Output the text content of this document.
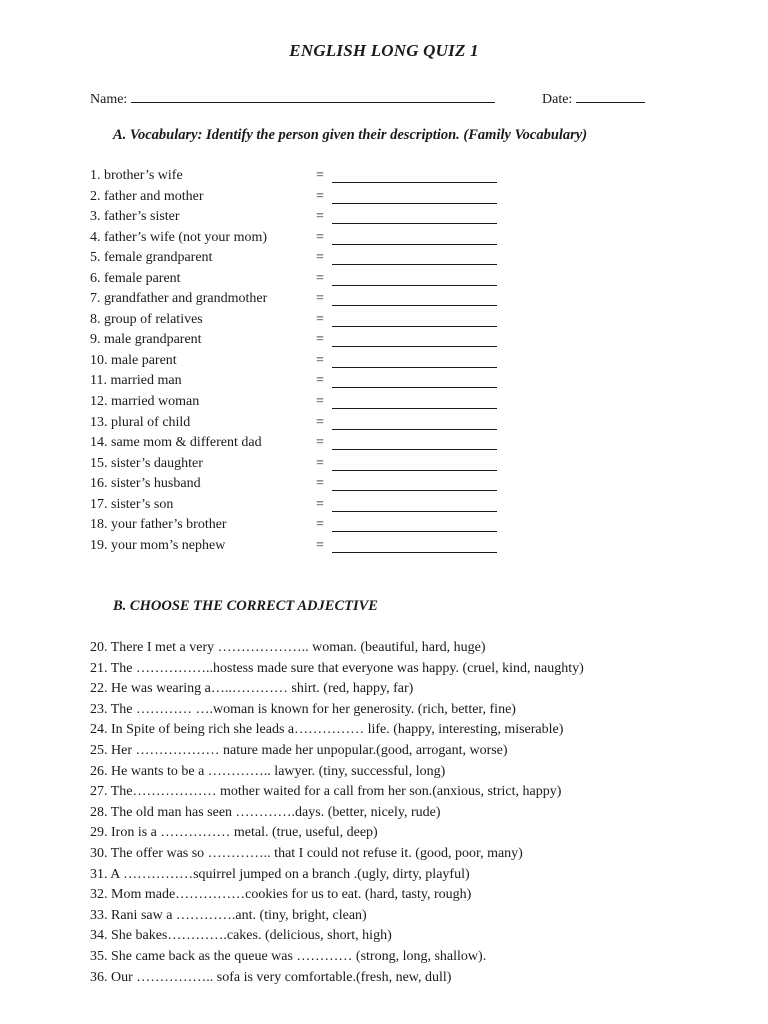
ENGLISH LONG QUIZ 1
Name:	Date:
A. Vocabulary: Identify the person given their description. (Family Vocabulary)
1. brother’s wife	=
2. father and mother	=
3. father’s sister	=
4. father’s wife (not your mom)	=
5. female grandparent	=
6. female parent	=
7. grandfather and grandmother	=
8. group of relatives	=
9. male grandparent	=
10. male parent	=
11. married man	=
12. married woman	=
13. plural of child	=
14. same mom & different dad	=
15. sister’s daughter	=
16. sister’s husband	=
17. sister’s son	=
18. your father’s brother	=
19. your mom’s nephew	=
B. CHOOSE THE CORRECT ADJECTIVE
20. There I met a very ……………….. woman. (beautiful, hard, huge)
21. The ……………..hostess made sure that everyone was happy. (cruel, kind, naughty)
22. He was wearing a…..………… shirt. (red, happy, far)
23. The ………… ….woman is known for her generosity. (rich, better, fine)
24. In Spite of being rich she leads a…………… life. (happy, interesting, miserable)
25. Her ……………… nature made her unpopular.(good, arrogant, worse)
26. He wants to be a ………….. lawyer. (tiny, successful, long)
27. The……………… mother waited for a call from her son.(anxious, strict, happy)
28. The old man has seen ………….days. (better, nicely, rude)
29. Iron is a …………… metal. (true, useful, deep)
30. The offer was so ………….. that I could not refuse it. (good, poor, many)
31. A ……………squirrel jumped on a branch .(ugly, dirty, playful)
32. Mom made……………cookies for us to eat. (hard, tasty, rough)
33. Rani saw a ………….ant. (tiny, bright, clean)
34. She bakes………….cakes. (delicious, short, high)
35. She came back as the queue was ………… (strong, long, shallow).
36. Our …………….. sofa is very comfortable.(fresh, new, dull)
